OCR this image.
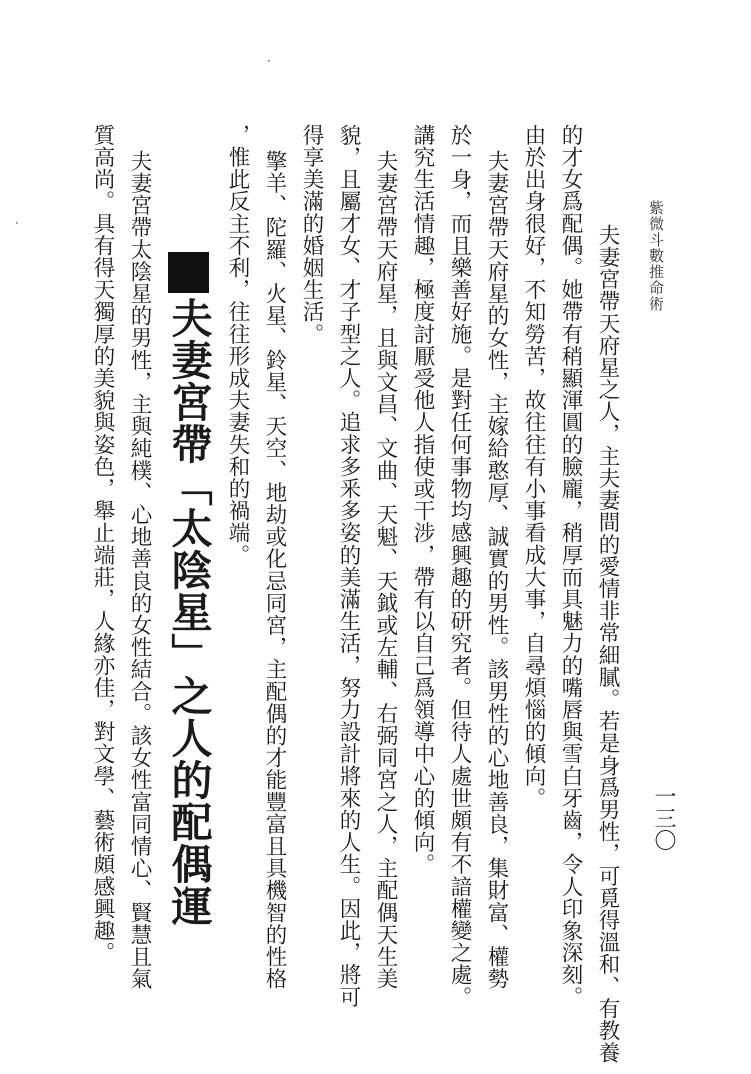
紫微斗數推命術
一三〇
夫妻宮帶天府星之人，主夫妻間的愛情非常細膩。若是身爲男性，可覓得溫和、有教養
的才女爲配偶。她帶有稍顯渾圓的臉龐，稍厚而具魅力的嘴唇與雪白牙齒，令人印象深刻。
由於出身很好，不知勞苦，故往往有小事看成大事，自尋煩惱的傾向。
夫妻宮帶天府星的女性，主嫁給憨厚、誠實的男性。該男性的心地善良，集財富、權勢
於一身，而且樂善好施。是對任何事物均感興趣的研究者。但待人處世頗有不諳權變之處。
講究生活情趣，極度討厭受他人指使或干涉，帶有以自己爲領導中心的傾向。
夫妻宮帶天府星，且與文昌、文曲、天魁、天鉞或左輔、右弼同宮之人，主配偶天生美
貌，且屬才女、才子型之人。追求多釆多姿的美滿生活，努力設計將來的人生。因此，將可
得享美滿的婚姻生活。
擎羊、陀羅、火星、鈴星、天空、地劫或化忌同宮，主配偶的才能豐富且具機智的性格
，惟此反主不利，往往形成夫妻失和的禍端。
夫妻宮帶「太陰星」之人的配偶運
夫妻宮帶太陰星的男性，主與純樸、心地善良的女性結合。該女性富同情心、賢慧且氣
質高尚。具有得天獨厚的美貌與姿色，舉止端莊，人緣亦佳，對文學、藝術頗感興趣。
